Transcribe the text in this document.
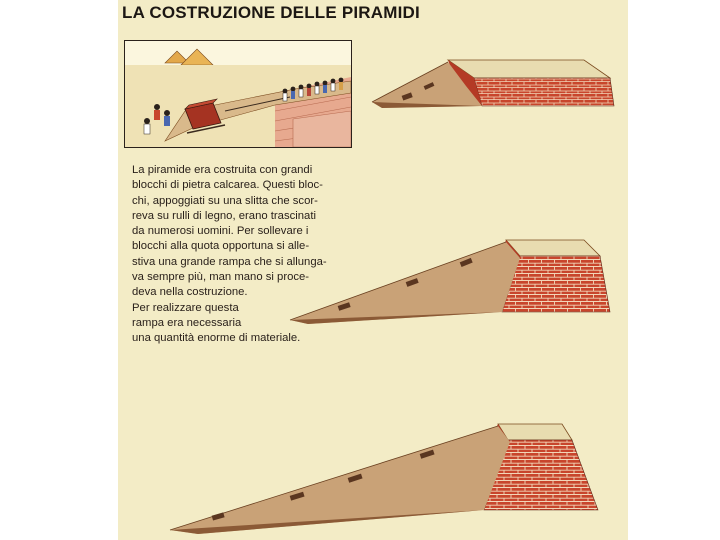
LA COSTRUZIONE DELLE PIRAMIDI

La piramide era costruita con grandi
blocchi di pietra calcarea. Questi bloc-
chi, appoggiati su una slitta che scor-
reva su rulli di legno, erano trascinati
da numerosi uomini. Per sollevare i
blocchi alla quota opportuna si alle-
stiva una grande rampa che si allunga-
va sempre più, man mano si proce-
deva nella costruzione.

Per realizzare questa
rampa era necessaria
una quantità enorme di materiale.
